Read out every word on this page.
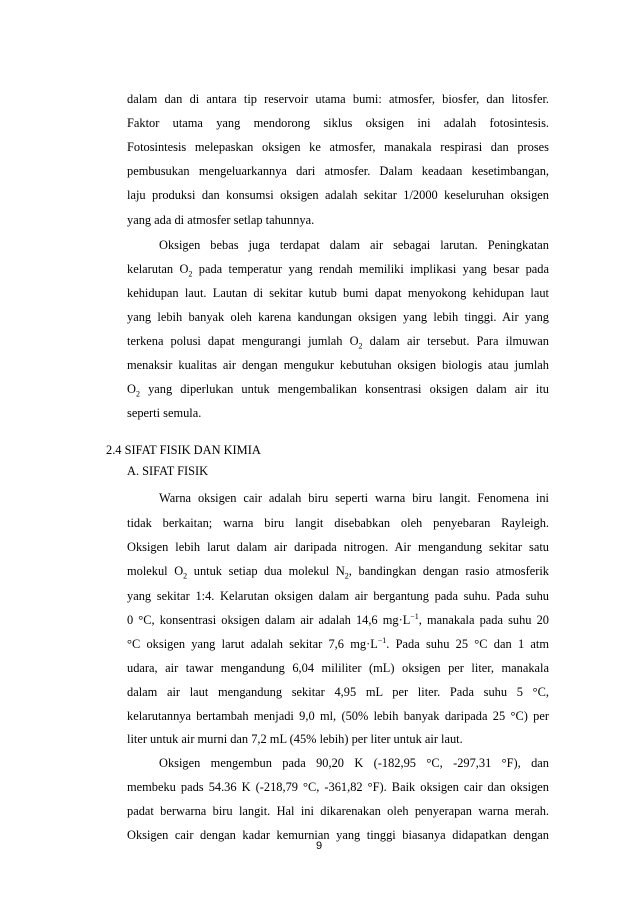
dalam dan di antara tip reservoir utama bumi: atmosfer, biosfer, dan litosfer.
Faktor utama yang mendorong siklus oksigen ini adalah fotosintesis.
Fotosintesis melepaskan oksigen ke atmosfer, manakala respirasi dan proses
pembusukan mengeluarkannya dari atmosfer. Dalam keadaan kesetimbangan,
laju produksi dan konsumsi oksigen adalah sekitar 1/2000 keseluruhan oksigen
yang ada di atmosfer setlap tahunnya.
Oksigen bebas juga terdapat dalam air sebagai larutan. Peningkatan
kelarutan $O_2$ pada temperatur yang rendah memiliki implikasi yang besar pada
kehidupan laut. Lautan di sekitar kutub bumi dapat menyokong kehidupan laut
yang lebih banyak oleh karena kandungan oksigen yang lebih tinggi. Air yang
terkena polusi dapat mengurangi jumlah $O_2$ dalam air tersebut. Para ilmuwan
menaksir kualitas air dengan mengukur kebutuhan oksigen biologis atau jumlah
$O_2$ yang diperlukan untuk mengembalikan konsentrasi oksigen dalam air itu
seperti semula.
2.4 SIFAT FISIK DAN KIMIA
A. SIFAT FISIK
Warna oksigen cair adalah biru seperti warna biru langit. Fenomena ini
tidak berkaitan; warna biru langit disebabkan oleh penyebaran Rayleigh.
Oksigen lebih larut dalam air daripada nitrogen. Air mengandung sekitar satu
molekul $O_2$ untuk setiap dua molekul $N_2$, bandingkan dengan rasio atmosferik
yang sekitar 1:4. Kelarutan oksigen dalam air bergantung pada suhu. Pada suhu
0 °C, konsentrasi oksigen dalam air adalah 14,6 $mg\cdot L^{-1}$, manakala pada suhu 20
°C oksigen yang larut adalah sekitar 7,6 $mg\cdot L^{-1}$. Pada suhu 25 °C dan 1 atm
udara, air tawar mengandung 6,04 mililiter (mL) oksigen per liter, manakala
dalam air laut mengandung sekitar 4,95 mL per liter. Pada suhu 5 °C,
kelarutannya bertambah menjadi 9,0 ml, (50% lebih banyak daripada 25 °C) per
liter untuk air murni dan 7,2 mL (45% lebih) per liter untuk air laut.
Oksigen mengembun pada 90,20 K (-182,95 °C, -297,31 °F), dan
membeku pads 54.36 K (-218,79 °C, -361,82 °F). Baik oksigen cair dan oksigen
padat berwarna biru langit. Hal ini dikarenakan oleh penyerapan warna merah.
Oksigen cair dengan kadar kemurnian yang tinggi biasanya didapatkan dengan
9
